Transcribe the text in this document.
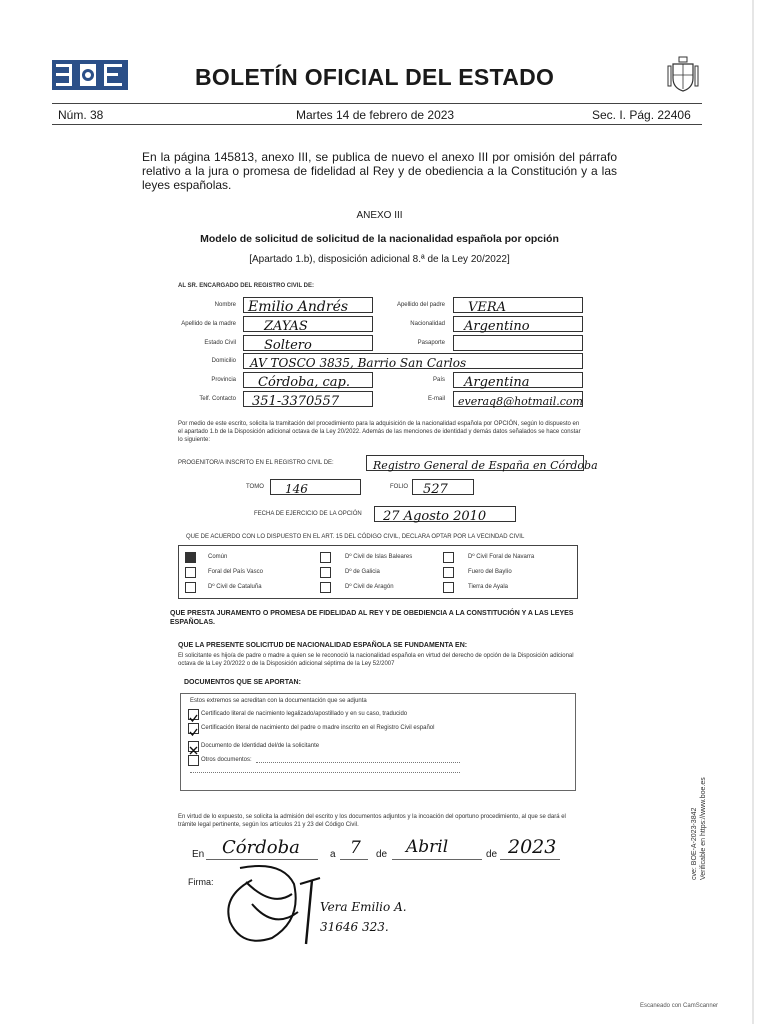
BOLETÍN OFICIAL DEL ESTADO
Núm. 38	Martes 14 de febrero de 2023	Sec. I. Pág. 22406
En la página 145813, anexo III, se publica de nuevo el anexo III por omisión del párrafo relativo a la jura o promesa de fidelidad al Rey y de obediencia a la Constitución y a las leyes españolas.
ANEXO III
Modelo de solicitud de solicitud de la nacionalidad española por opción
[Apartado 1.b), disposición adicional 8.ª de la Ley 20/2022]
AL SR. ENCARGADO DEL REGISTRO CIVIL DE:
Nombre Emilio Andrés	Apellido del padre	VERA
Apellido de la madre	ZAYAS	Nacionalidad	Argentino
Estado Civil	Soltero	Pasaporte
Domicilio	AV TOSCO 3835, Barrio San Carlos
Provincia	Córdoba, cap.	País	Argentina
Telf. Contacto	351-3370557	E-mail	everaq8@hotmail.com
Por medio de este escrito, solicita la tramitación del procedimiento para la adquisición de la nacionalidad española por OPCIÓN, según lo dispuesto en el apartado 1.b de la Disposición adicional octava de la Ley 20/2022. Además de las menciones de identidad y demás datos señalados se hace constar lo siguiente:
PROGENITOR/A INSCRITO EN EL REGISTRO CIVIL DE:	Registro General de España en Córdoba
TOMO	146	FOLIO	527
FECHA DE EJERCICIO DE LA OPCIÓN	27 Agosto 2010
QUE DE ACUERDO CON LO DISPUESTO EN EL ART. 15 DEL CÓDIGO CIVIL, DECLARA OPTAR POR LA VECINDAD CIVIL
Común	Dº Civil de Islas Baleares	Dº Civil Foral de Navarra
Foral del País Vasco	Dº de Galicia	Fuero del Baylío
Dº Civil de Cataluña	Dº Civil de Aragón	Tierra de Ayala
QUE PRESTA JURAMENTO O PROMESA DE FIDELIDAD AL REY Y DE OBEDIENCIA A LA CONSTITUCIÓN Y A LAS LEYES ESPAÑOLAS.
QUE LA PRESENTE SOLICITUD DE NACIONALIDAD ESPAÑOLA SE FUNDAMENTA EN:
El solicitante es hijo/a de padre o madre a quien se le reconoció la nacionalidad española en virtud del derecho de opción de la Disposición adicional octava de la Ley 20/2022 o de la Disposición adicional séptima de la Ley 52/2007
DOCUMENTOS QUE SE APORTAN:
Estos extremos se acreditan con la documentación que se adjunta
Certificado literal de nacimiento legalizado/apostillado y en su caso, traducido
Certificación literal de nacimiento del padre o madre inscrito en el Registro Civil español
Documento de Identidad del/de la solicitante
Otros documentos:
En virtud de lo expuesto, se solicita la admisión del escrito y los documentos adjuntos y la incoación del oportuno procedimiento, al que se dará el trámite legal pertinente, según los artículos 21 y 23 del Código Civil.
En Córdoba	a 7 de Abril	de 2023
Firma:
Vera Emilio A. 31646 323.
cve: BOE-A-2023-3842 Verificable en https://www.boe.es
Escaneado con CamScanner
